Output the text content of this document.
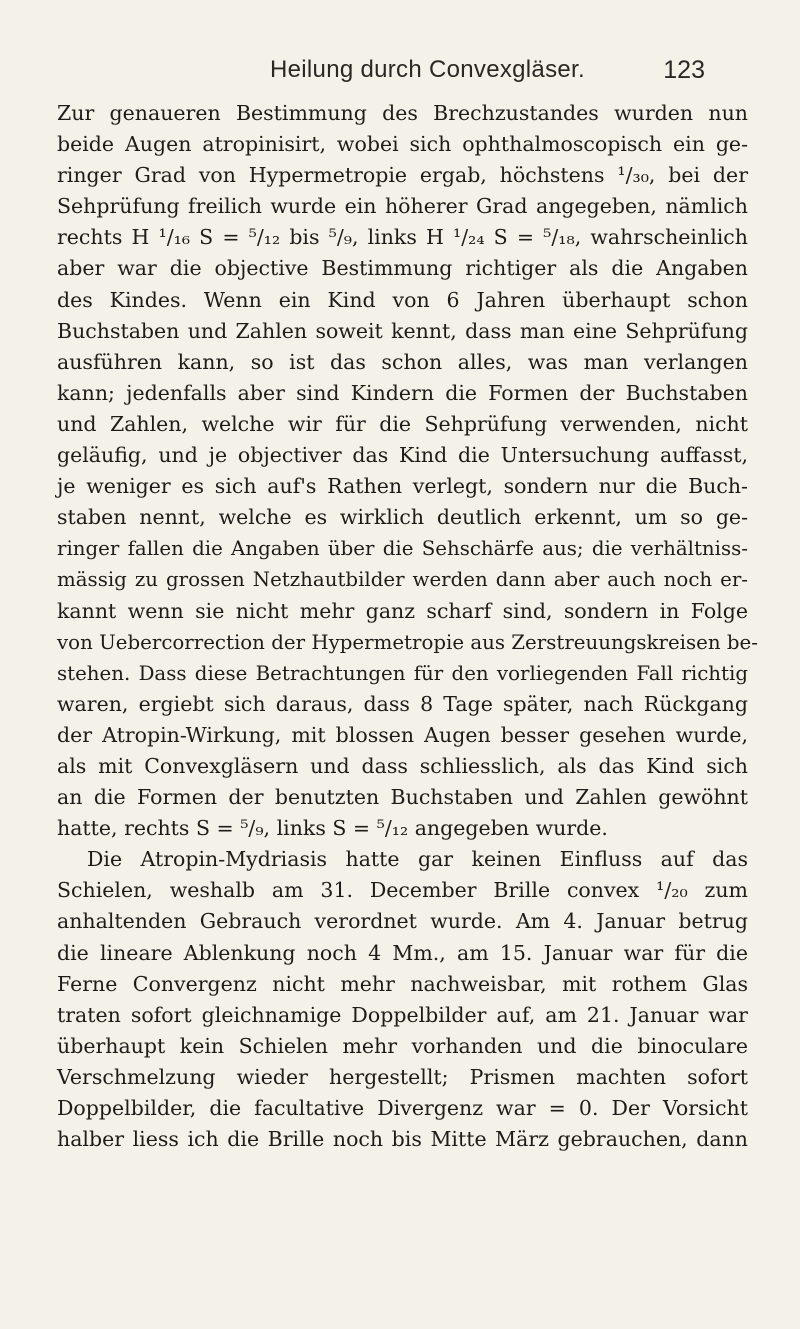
Heilung durch Convexgläser.	123
Zur genaueren Bestimmung des Brechzustandes wurden nun
beide Augen atropinisirt, wobei sich ophthalmoscopisch ein ge-
ringer Grad von Hypermetropie ergab, höchstens ¹/₃₀, bei der
Sehprüfung freilich wurde ein höherer Grad angegeben, nämlich
rechts H ¹/₁₆ S = ⁵/₁₂ bis ⁵/₉, links H ¹/₂₄ S = ⁵/₁₈, wahrscheinlich
aber war die objective Bestimmung richtiger als die Angaben
des Kindes. Wenn ein Kind von 6 Jahren überhaupt schon
Buchstaben und Zahlen soweit kennt, dass man eine Sehprüfung
ausführen kann, so ist das schon alles, was man verlangen
kann; jedenfalls aber sind Kindern die Formen der Buchstaben
und Zahlen, welche wir für die Sehprüfung verwenden, nicht
geläufig, und je objectiver das Kind die Untersuchung auffasst,
je weniger es sich auf's Rathen verlegt, sondern nur die Buch-
staben nennt, welche es wirklich deutlich erkennt, um so ge-
ringer fallen die Angaben über die Sehschärfe aus; die verhältniss-
mässig zu grossen Netzhautbilder werden dann aber auch noch er-
kannt wenn sie nicht mehr ganz scharf sind, sondern in Folge
von Uebercorrection der Hypermetropie aus Zerstreuungskreisen be-
stehen. Dass diese Betrachtungen für den vorliegenden Fall richtig
waren, ergiebt sich daraus, dass 8 Tage später, nach Rückgang
der Atropin-Wirkung, mit blossen Augen besser gesehen wurde,
als mit Convexgläsern und dass schliesslich, als das Kind sich
an die Formen der benutzten Buchstaben und Zahlen gewöhnt
hatte, rechts S = ⁵/₉, links S = ⁵/₁₂ angegeben wurde.
Die Atropin-Mydriasis hatte gar keinen Einfluss auf das
Schielen, weshalb am 31. December Brille convex ¹/₂₀ zum
anhaltenden Gebrauch verordnet wurde. Am 4. Januar betrug
die lineare Ablenkung noch 4 Mm., am 15. Januar war für die
Ferne Convergenz nicht mehr nachweisbar, mit rothem Glas
traten sofort gleichnamige Doppelbilder auf, am 21. Januar war
überhaupt kein Schielen mehr vorhanden und die binoculare
Verschmelzung wieder hergestellt; Prismen machten sofort
Doppelbilder, die facultative Divergenz war = 0. Der Vorsicht
halber liess ich die Brille noch bis Mitte März gebrauchen, dann
